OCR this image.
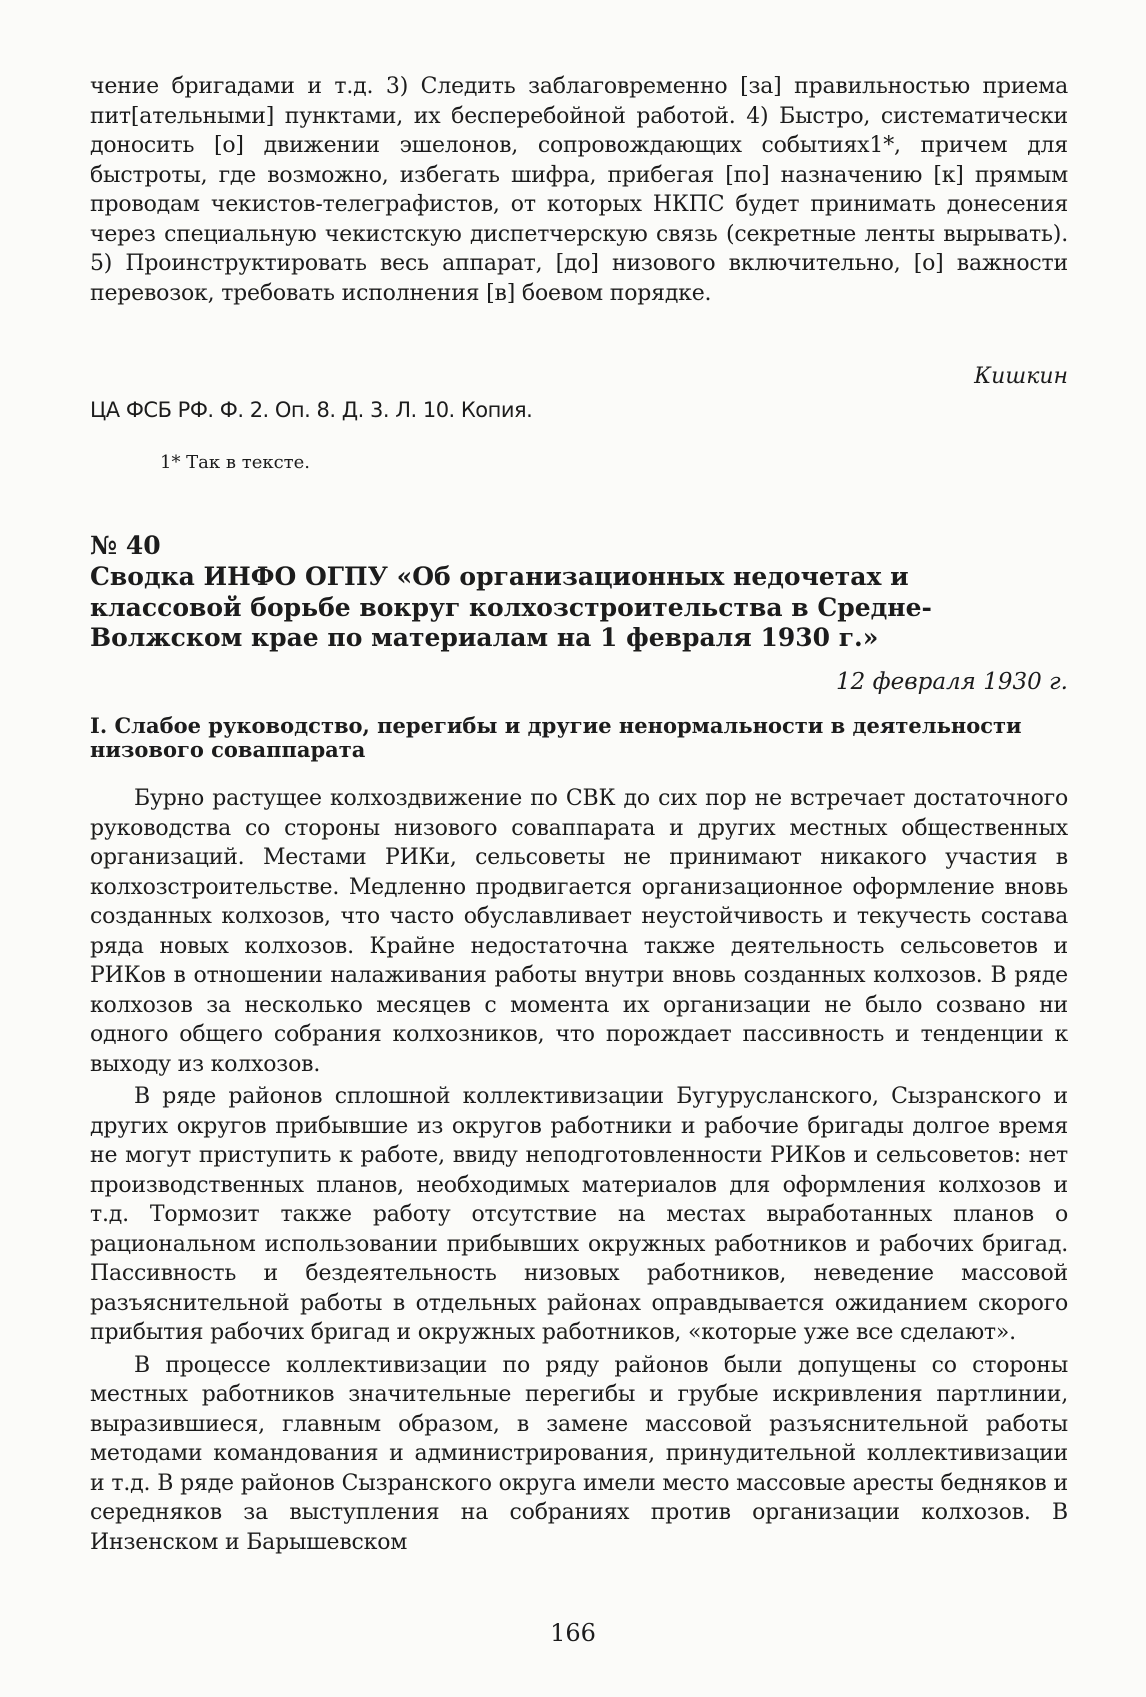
чение бригадами и т.д. 3) Следить заблаговременно [за] правильностью приема пит[ательными] пунктами, их бесперебойной работой. 4) Быстро, систематически доносить [о] движении эшелонов, сопровождающих событиях1*, причем для быстроты, где возможно, избегать шифра, прибегая [по] назначению [к] прямым проводам чекистов-телеграфистов, от которых НКПС будет принимать донесения через специальную чекистскую диспетчерскую связь (секретные ленты вырывать). 5) Проинструктировать весь аппарат, [до] низового включительно, [о] важности перевозок, требовать исполнения [в] боевом порядке.

Кишкин

ЦА ФСБ РФ. Ф. 2. Оп. 8. Д. 3. Л. 10. Копия.

1* Так в тексте.

№ 40

Сводка ИНФО ОГПУ «Об организационных недочетах и классовой борьбе вокруг колхозстроительства в Средне-Волжском крае по материалам на 1 февраля 1930 г.»

12 февраля 1930 г.

I. Слабое руководство, перегибы и другие ненормальности в деятельности низового соваппарата

Бурно растущее колхоздвижение по СВК до сих пор не встречает достаточного руководства со стороны низового соваппарата и других местных общественных организаций. Местами РИКи, сельсоветы не принимают никакого участия в колхозстроительстве. Медленно продвигается организационное оформление вновь созданных колхозов, что часто обуславливает неустойчивость и текучесть состава ряда новых колхозов. Крайне недостаточна также деятельность сельсоветов и РИКов в отношении налаживания работы внутри вновь созданных колхозов. В ряде колхозов за несколько месяцев с момента их организации не было созвано ни одного общего собрания колхозников, что порождает пассивность и тенденции к выходу из колхозов.

В ряде районов сплошной коллективизации Бугурусланского, Сызранского и других округов прибывшие из округов работники и рабочие бригады долгое время не могут приступить к работе, ввиду неподготовленности РИКов и сельсоветов: нет производственных планов, необходимых материалов для оформления колхозов и т.д. Тормозит также работу отсутствие на местах выработанных планов о рациональном использовании прибывших окружных работников и рабочих бригад. Пассивность и бездеятельность низовых работников, неведение массовой разъяснительной работы в отдельных районах оправдывается ожиданием скорого прибытия рабочих бригад и окружных работников, «которые уже все сделают».

В процессе коллективизации по ряду районов были допущены со стороны местных работников значительные перегибы и грубые искривления партлинии, выразившиеся, главным образом, в замене массовой разъяснительной работы методами командования и администрирования, принудительной коллективизации и т.д. В ряде районов Сызранского округа имели место массовые аресты бедняков и середняков за выступления на собраниях против организации колхозов. В Инзенском и Барышевском

166
